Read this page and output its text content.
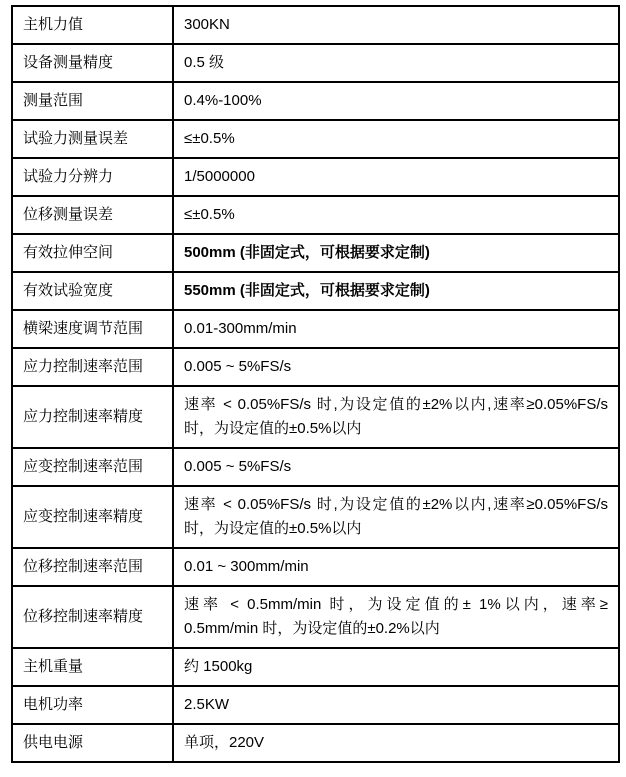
主机力值	300KN
设备测量精度	0.5 级
测量范围	0.4%-100%
试验力测量误差	≤±0.5%
试验力分辨力	1/5000000
位移测量误差	≤±0.5%
有效拉伸空间	500mm (非固定式，可根据要求定制)
有效试验宽度	550mm (非固定式，可根据要求定制)
横梁速度调节范围	0.01-300mm/min
应力控制速率范围	0.005 ~ 5%FS/s
应力控制速率精度	速率 < 0.05%FS/s 时,为设定值的±2%以内,速率≥0.05%FS/s 时，为设定值的±0.5%以内
应变控制速率范围	0.005 ~ 5%FS/s
应变控制速率精度	速率 < 0.05%FS/s 时,为设定值的±2%以内,速率≥0.05%FS/s 时，为设定值的±0.5%以内
位移控制速率范围	0.01 ~ 300mm/min
位移控制速率精度	速率 < 0.5mm/min 时，为设定值的± 1%以内，速率≥ 0.5mm/min 时，为设定值的±0.2%以内
主机重量	约 1500kg
电机功率	2.5KW
供电电源	单项，220V
